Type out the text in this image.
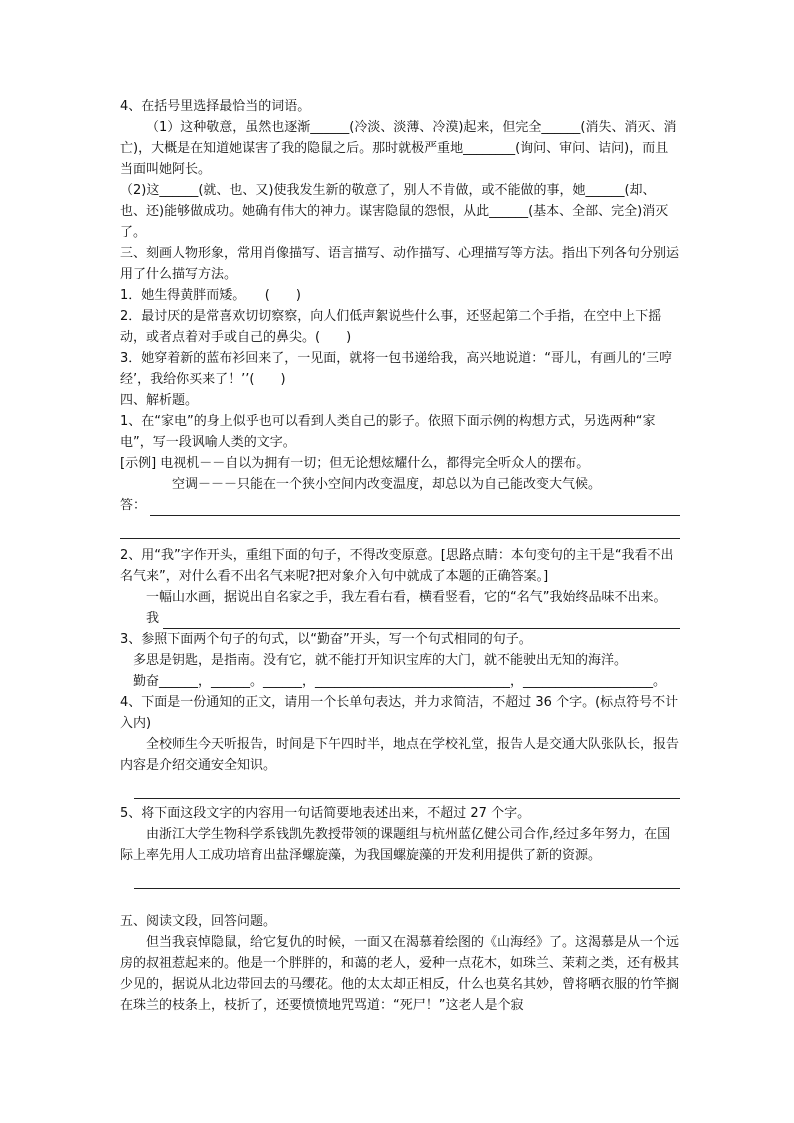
4、在括号里选择最恰当的词语。

（1）这种敬意，虽然也逐渐______(冷淡、淡薄、冷漠)起来，但完全______(消失、消灭、消亡)，大概是在知道她谋害了我的隐鼠之后。那时就极严重地________(询问、审问、诘问)，而且当面叫她阿长。

（2)这______(就、也、又)使我发生新的敬意了，别人不肯做，或不能做的事，她______(却、也、还)能够做成功。她确有伟大的神力。谋害隐鼠的怨恨，从此______(基本、全部、完全)消灭了。

三、刻画人物形象，常用肖像描写、语言描写、动作描写、心理描写等方法。指出下列各句分别运用了什么描写方法。

1．她生得黄胖而矮。　　(　　)

2．最讨厌的是常喜欢切切察察，向人们低声絮说些什么事，还竖起第二个手指，在空中上下摇动，或者点着对手或自己的鼻尖。(　　)

3．她穿着新的蓝布衫回来了，一见面，就将一包书递给我，高兴地说道：“哥儿，有画儿的‘三哼经’，我给你买来了！’’(　　)

四、解析题。

1、在“家电”的身上似乎也可以看到人类自己的影子。依照下面示例的构想方式，另选两种“家电”，写一段讽喻人类的文字。

[示例] 电视机－－自以为拥有一切；但无论想炫耀什么，都得完全听众人的摆布。

空调－－－只能在一个狭小空间内改变温度，却总以为自己能改变大气候。

答：

2、用“我”字作开头，重组下面的句子，不得改变原意。[思路点睛：本句变句的主干是“我看不出名气来”，对什么看不出名气来呢?把对象介入句中就成了本题的正确答案。]

一幅山水画，据说出自名家之手，我左看右看，横看竖看，它的“名气”我始终品味不出来。

我

3、参照下面两个句子的句式，以“勤奋”开头，写一个句式相同的句子。

多思是钥匙，是指南。没有它，就不能打开知识宝库的大门，就不能驶出无知的海洋。

勤奋______，______。______，______________________________，____________________。

4、下面是一份通知的正文，请用一个长单句表达，并力求简洁，不超过 36 个字。(标点符号不计入内)

全校师生今天听报告，时间是下午四时半，地点在学校礼堂，报告人是交通大队张队长，报告内容是介绍交通安全知识。

5、将下面这段文字的内容用一句话简要地表述出来，不超过 27 个字。

由浙江大学生物科学系钱凯先教授带领的课题组与杭州蓝亿健公司合作,经过多年努力，在国际上率先用人工成功培育出盐泽螺旋藻，为我国螺旋藻的开发利用提供了新的资源。

五、阅读文段，回答问题。

但当我哀悼隐鼠，给它复仇的时候，一面又在渴慕着绘图的《山海经》了。这渴慕是从一个远房的叔祖惹起来的。他是一个胖胖的，和蔼的老人，爱种一点花木，如珠兰、茉莉之类，还有极其少见的，据说从北边带回去的马缨花。他的太太却正相反，什么也莫名其妙，曾将晒衣服的竹竿搁在珠兰的枝条上，枝折了，还要愤愤地咒骂道：“死尸！”这老人是个寂
